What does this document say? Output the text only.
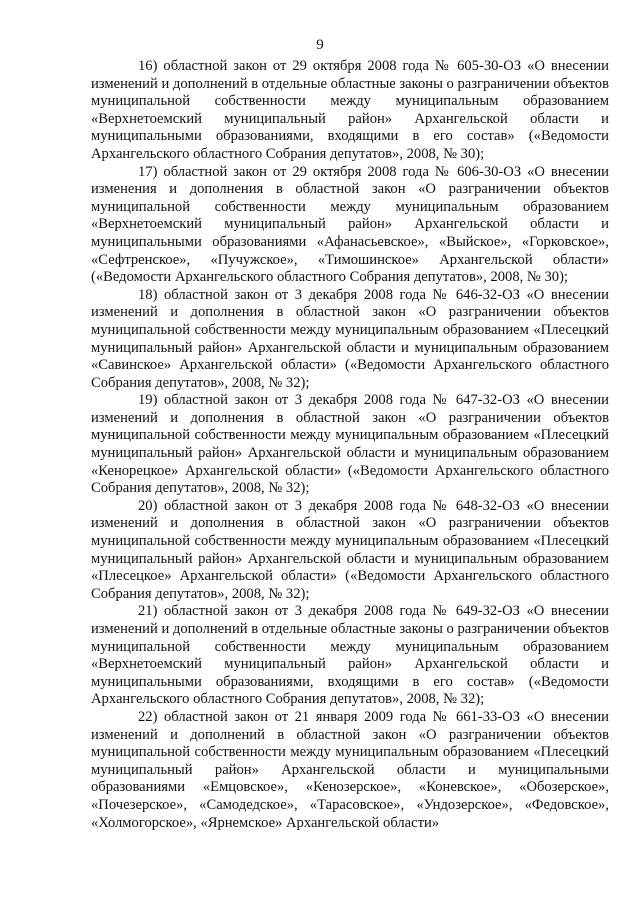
9

16) областной закон от 29 октября 2008 года № 605-30-ОЗ «О внесении изменений и дополнений в отдельные областные законы о разграничении объектов муниципальной собственности между муниципальным образованием «Верхнетоемский муниципальный район» Архангельской области и муниципальными образованиями, входящими в его состав» («Ведомости Архангельского областного Собрания депутатов», 2008, № 30);

17) областной закон от 29 октября 2008 года № 606-30-ОЗ «О внесении изменения и дополнения в областной закон «О разграничении объектов муниципальной собственности между муниципальным образованием «Верхнетоемский муниципальный район» Архангельской области и муниципальными образованиями «Афанасьевское», «Выйское», «Горковское», «Сефтренское», «Пучужское», «Тимошинское» Архангельской области» («Ведомости Архангельского областного Собрания депутатов», 2008, № 30);

18) областной закон от 3 декабря 2008 года № 646-32-ОЗ «О внесении изменений и дополнения в областной закон «О разграничении объектов муниципальной собственности между муниципальным образованием «Плесецкий муниципальный район» Архангельской области и муниципальным образованием «Савинское» Архангельской области» («Ведомости Архангельского областного Собрания депутатов», 2008, № 32);

19) областной закон от 3 декабря 2008 года № 647-32-ОЗ «О внесении изменений и дополнения в областной закон «О разграничении объектов муниципальной собственности между муниципальным образованием «Плесецкий муниципальный район» Архангельской области и муниципальным образованием «Кенорецкое» Архангельской области» («Ведомости Архангельского областного Собрания депутатов», 2008, № 32);

20) областной закон от 3 декабря 2008 года № 648-32-ОЗ «О внесении изменений и дополнения в областной закон «О разграничении объектов муниципальной собственности между муниципальным образованием «Плесецкий муниципальный район» Архангельской области и муниципальным образованием «Плесецкое» Архангельской области» («Ведомости Архангельского областного Собрания депутатов», 2008, № 32);

21) областной закон от 3 декабря 2008 года № 649-32-ОЗ «О внесении изменений и дополнений в отдельные областные законы о разграничении объектов муниципальной собственности между муниципальным образованием «Верхнетоемский муниципальный район» Архангельской области и муниципальными образованиями, входящими в его состав» («Ведомости Архангельского областного Собрания депутатов», 2008, № 32);

22) областной закон от 21 января 2009 года № 661-33-ОЗ «О внесении изменений и дополнений в областной закон «О разграничении объектов муниципальной собственности между муниципальным образованием «Плесецкий муниципальный район» Архангельской области и муниципальными образованиями «Емцовское», «Кенозерское», «Коневское», «Обозерское», «Почезерское», «Самодедское», «Тарасовское», «Ундозерское», «Федовское», «Холмогорское», «Ярнемское» Архангельской области»
